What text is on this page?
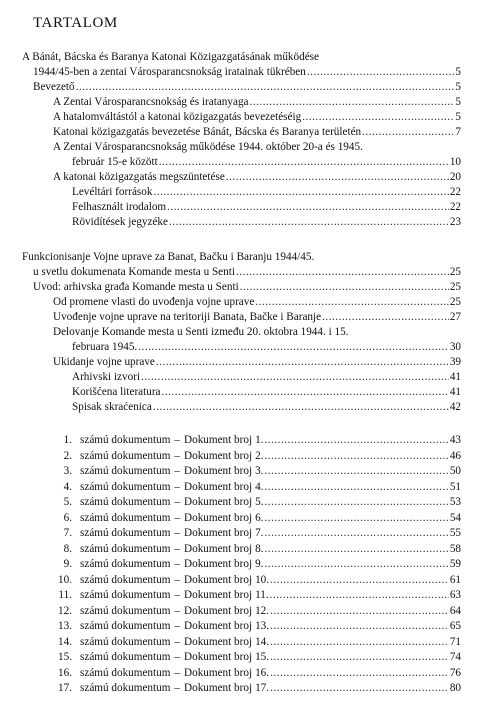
TARTALOM
A Bánát, Bácska és Baranya Katonai Közigazgatásának működése
1944/45-ben a zentai Városparancsnokság iratainak tükrében .....	5
Bevezető .....	5
A Zentai Városparancsnokság és iratanyaga .....	5
A hatalomváltástól a katonai közigazgatás bevezetéséig .....	5
Katonai közigazgatás bevezetése Bánát, Bácska és Baranya területén .....	7
A Zentai Városparancsnokság működése 1944. október 20-a és 1945.
február 15-e között .....	10
A katonai közigazgatás megszüntetése .....	20
Levéltári források .....	22
Felhasznált irodalom .....	22
Rövidítések jegyzéke .....	23
Funkcionisanje Vojne uprave za Banat, Bačku i Baranju 1944/45.
u svetlu dokumenata Komande mesta u Senti .....	25
Uvod: arhivska građa Komande mesta u Senti .....	25
Od promene vlasti do uvođenja vojne uprave .....	25
Uvođenje vojne uprave na teritoriji Banata, Bačke i Baranje .....	27
Delovanje Komande mesta u Senti između 20. oktobra 1944. i 15.
februara 1945. .....	30
Ukidanje vojne uprave .....	39
Arhivski izvori .....	41
Korišćena literatura .....	41
Spisak skraćenica .....	42
1. számú dokumentum – Dokument broj 1. .....	43
2. számú dokumentum – Dokument broj 2. .....	46
3. számú dokumentum – Dokument broj 3. .....	50
4. számú dokumentum – Dokument broj 4. .....	51
5. számú dokumentum – Dokument broj 5. .....	53
6. számú dokumentum – Dokument broj 6. .....	54
7. számú dokumentum – Dokument broj 7. .....	55
8. számú dokumentum – Dokument broj 8. .....	58
9. számú dokumentum – Dokument broj 9. .....	59
10. számú dokumentum – Dokument broj 10. .....	61
11. számú dokumentum – Dokument broj 11. .....	63
12. számú dokumentum – Dokument broj 12. .....	64
13. számú dokumentum – Dokument broj 13. .....	65
14. számú dokumentum – Dokument broj 14. .....	71
15. számú dokumentum – Dokument broj 15. .....	74
16. számú dokumentum – Dokument broj 16. .....	76
17. számú dokumentum – Dokument broj 17. .....	80
